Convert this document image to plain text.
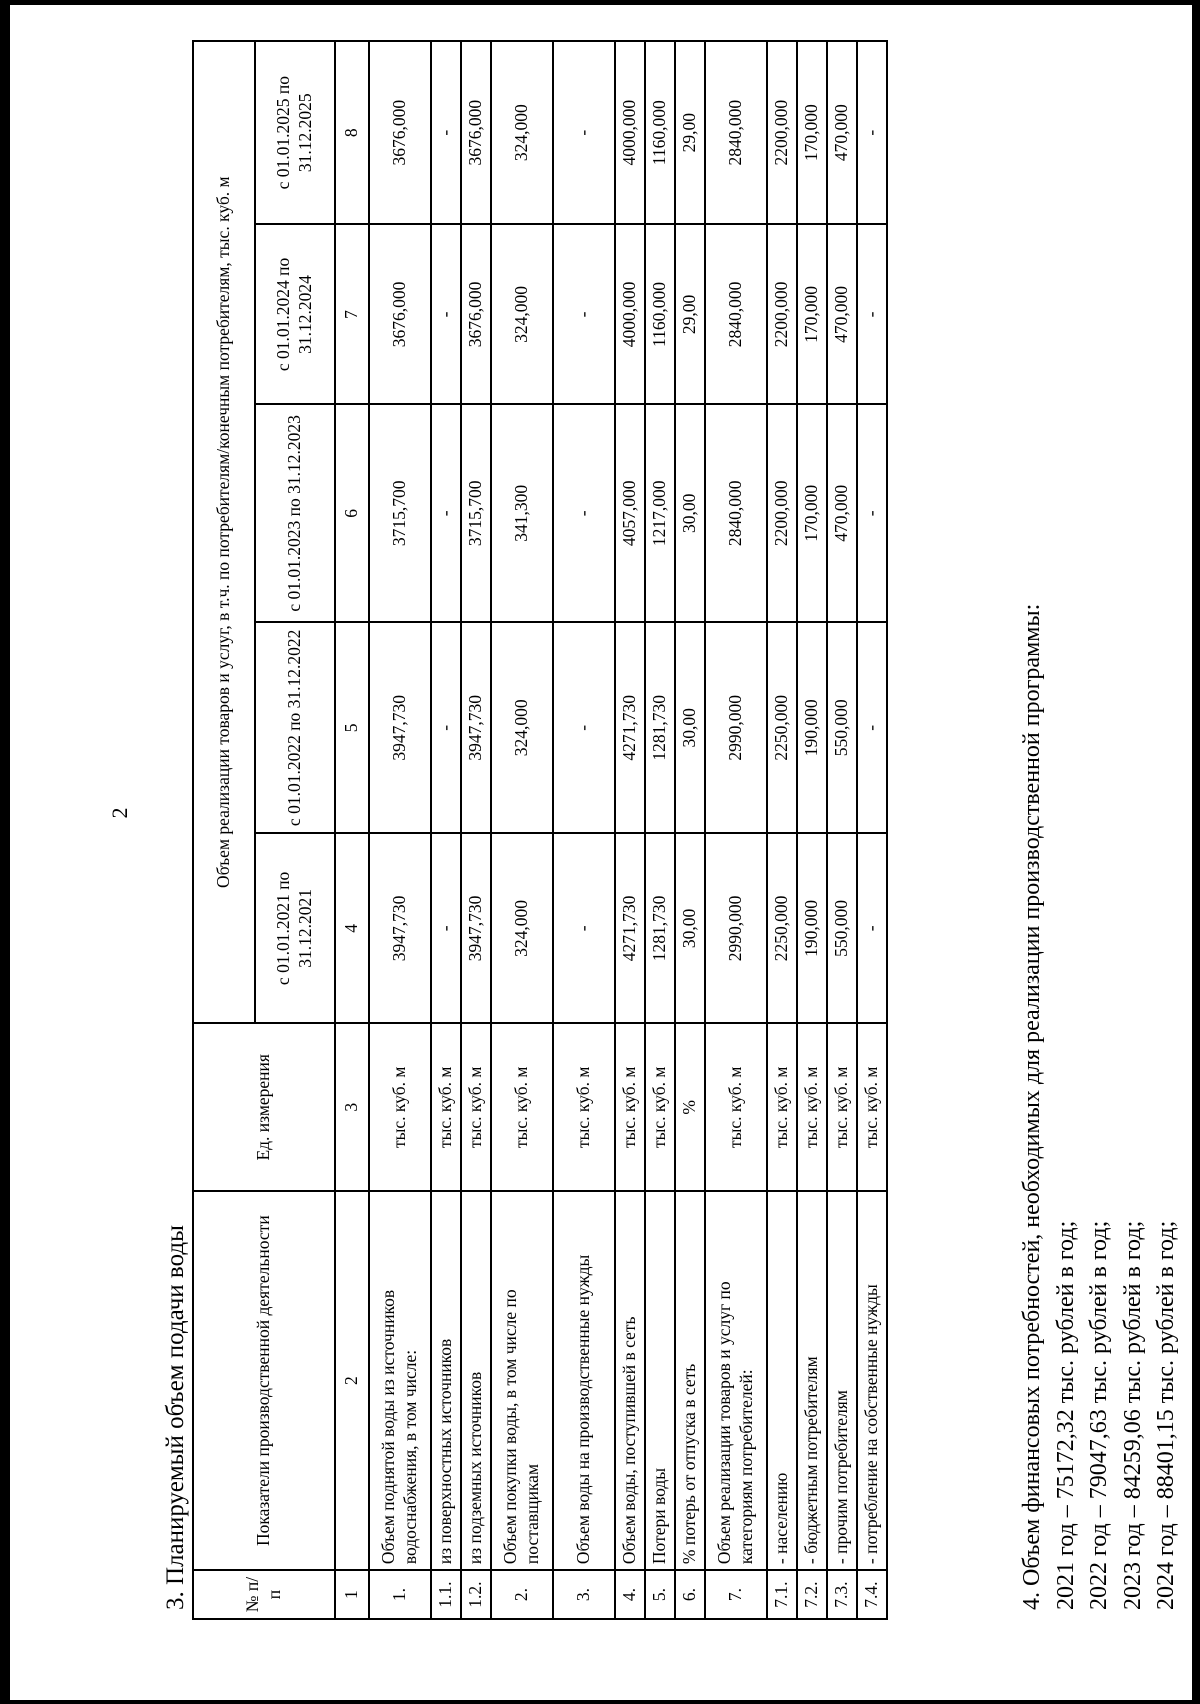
2
3. Планируемый объем подачи воды	№ п/п	Показатели производственной деятельности	Ед. измерения	Объем реализации товаров и услуг, в т.ч. по потребителям/конечным потребителям, тыс. куб. м				
			с 01.01.2021 по 31.12.2021	с 01.01.2022 по 31.12.2022	с 01.01.2023 по 31.12.2023	с 01.01.2024 по 31.12.2024	с 01.01.2025 по 31.12.2025
1	2	3	4	5	6	7	8
1.	Объем поднятой воды из источников водоснабжения, в том числе:	тыс. куб. м	3947,730	3947,730	3715,700	3676,000	3676,000
1.1.	из поверхностных источников	тыс. куб. м	-	-	-	-	-
1.2.	из подземных источников	тыс. куб. м	3947,730	3947,730	3715,700	3676,000	3676,000
2.	Объем покупки воды, в том числе по поставщикам	тыс. куб. м	324,000	324,000	341,300	324,000	324,000
3.	Объем воды на производственные нужды	тыс. куб. м	-	-	-	-	-
4.	Объем воды, поступившей в сеть	тыс. куб. м	4271,730	4271,730	4057,000	4000,000	4000,000
5.	Потери воды	тыс. куб. м	1281,730	1281,730	1217,000	1160,000	1160,000
6.	% потерь от отпуска в сеть	%	30,00	30,00	30,00	29,00	29,00
7.	Объем реализации товаров и услуг по категориям потребителей:	тыс. куб. м	2990,000	2990,000	2840,000	2840,000	2840,000
7.1.	- населению	тыс. куб. м	2250,000	2250,000	2200,000	2200,000	2200,000
7.2.	- бюджетным потребителям	тыс. куб. м	190,000	190,000	170,000	170,000	170,000
7.3.	- прочим потребителям	тыс. куб. м	550,000	550,000	470,000	470,000	470,000
7.4.	- потребление на собственные нужды	тыс. куб. м	-	-	-	-	-
4. Объем финансовых потребностей, необходимых для реализации производственной программы: 2021 год – 75172,32 тыс. рублей в год; 2022 год – 79047,63 тыс. рублей в год; 2023 год – 84259,06 тыс. рублей в год; 2024 год – 88401,15 тыс. рублей в год;
